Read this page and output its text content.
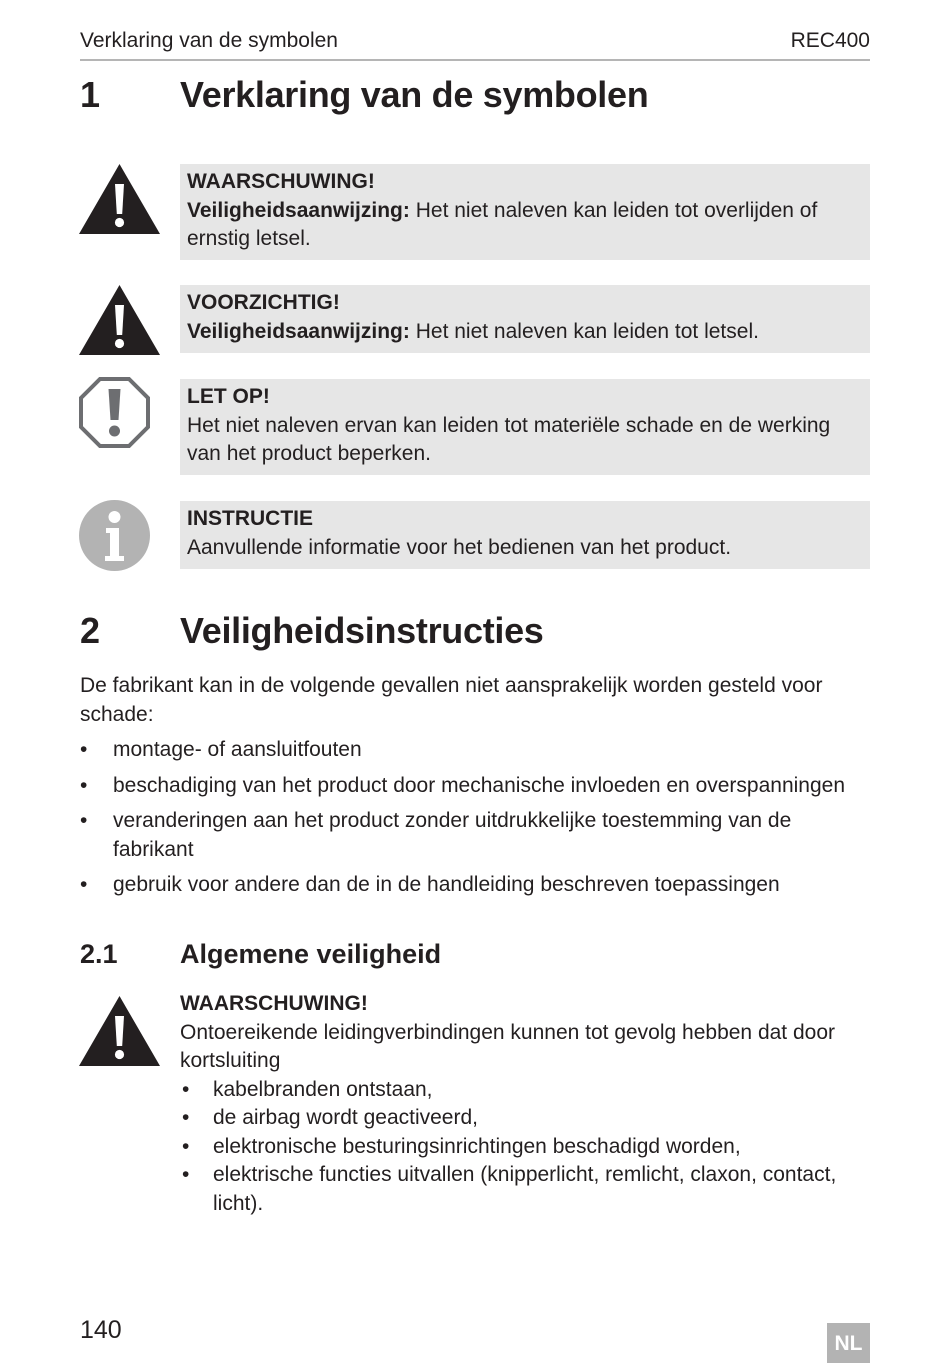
Verklaring van de symbolen	REC400
1 Verklaring van de symbolen
WAARSCHUWING!
Veiligheidsaanwijzing: Het niet naleven kan leiden tot overlijden of ernstig letsel.
VOORZICHTIG!
Veiligheidsaanwijzing: Het niet naleven kan leiden tot letsel.
LET OP!
Het niet naleven ervan kan leiden tot materiële schade en de werking van het product beperken.
INSTRUCTIE
Aanvullende informatie voor het bedienen van het product.
2 Veiligheidsinstructies
De fabrikant kan in de volgende gevallen niet aansprakelijk worden gesteld voor schade:
• montage- of aansluitfouten
• beschadiging van het product door mechanische invloeden en overspanningen
• veranderingen aan het product zonder uitdrukkelijke toestemming van de fabrikant
• gebruik voor andere dan de in de handleiding beschreven toepassingen
2.1 Algemene veiligheid
WAARSCHUWING!
Ontoereikende leidingverbindingen kunnen tot gevolg hebben dat door kortsluiting
• kabelbranden ontstaan,
• de airbag wordt geactiveerd,
• elektronische besturingsinrichtingen beschadigd worden,
• elektrische functies uitvallen (knipperlicht, remlicht, claxon, contact, licht).
140	NL
